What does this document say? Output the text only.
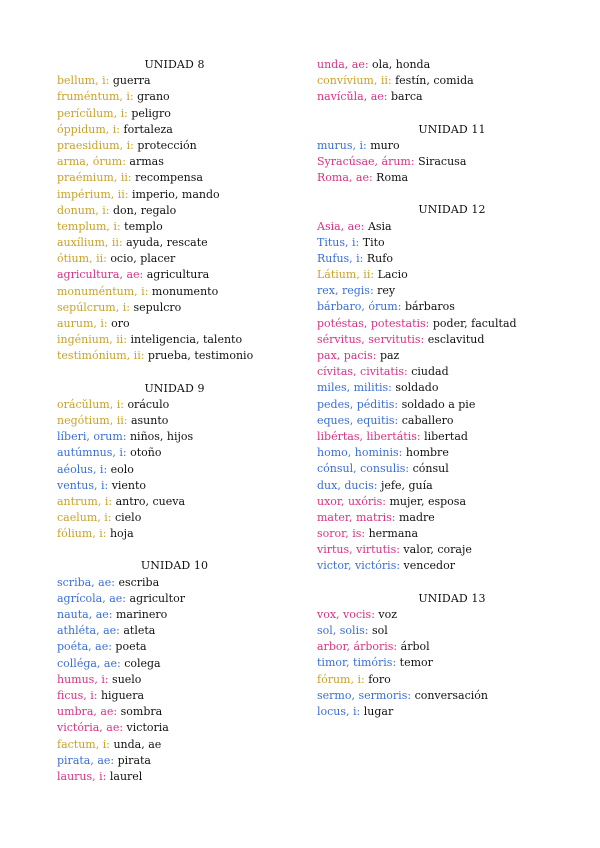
UNIDAD 8
bellum, i: guerra
fruméntum, i: grano
perícŭlum, i: peligro
óppidum, i: fortaleza
praesidium, i: protección
arma, órum: armas
praémium, ii: recompensa
impérium, ii: imperio, mando
donum, i: don, regalo
templum, i: templo
auxílium, ii: ayuda, rescate
ótium, ii: ocio, placer
agricultura, ae: agricultura
monuméntum, i: monumento
sepúlcrum, i: sepulcro
aurum, i: oro
ingénium, ii: inteligencia, talento
testimónium, ii: prueba, testimonio
UNIDAD 9
orácŭlum, i: oráculo
negótium, ii: asunto
líberi, orum: niños, hijos
autúmnus, i: otoño
aéolus, i: eolo
ventus, i: viento
antrum, i: antro, cueva
caelum, i: cielo
fólium, i: hoja
UNIDAD 10
scriba, ae: escriba
agrícola, ae: agricultor
nauta, ae: marinero
athléta, ae: atleta
poéta, ae: poeta
colléga, ae: colega
humus, i: suelo
ficus, i: higuera
umbra, ae: sombra
victória, ae: victoria
factum, i: unda, ae
pirata, ae: pirata
laurus, i: laurel
unda, ae: ola, honda
convívium, ii: festín, comida
navícŭla, ae: barca
UNIDAD 11
murus, i: muro
Syracúsae, árum: Siracusa
Roma, ae: Roma
UNIDAD 12
Asia, ae: Asia
Titus, i: Tito
Rufus, i: Rufo
Látium, ii: Lacio
rex, regis: rey
bárbaro, órum: bárbaros
potéstas, potestatis: poder, facultad
sérvitus, servitutis: esclavitud
pax, pacis: paz
cívitas, civitatis: ciudad
miles, militis: soldado
pedes, péditis: soldado a pie
eques, equitis: caballero
libértas, libertátis: libertad
homo, hominis: hombre
cónsul, consulis: cónsul
dux, ducis: jefe, guía
uxor, uxóris: mujer, esposa
mater, matris: madre
soror, is: hermana
virtus, virtutis: valor, coraje
victor, victóris: vencedor
UNIDAD 13
vox, vocis: voz
sol, solis: sol
arbor, árboris: árbol
timor, timóris: temor
fórum, i: foro
sermo, sermoris: conversación
locus, i: lugar
